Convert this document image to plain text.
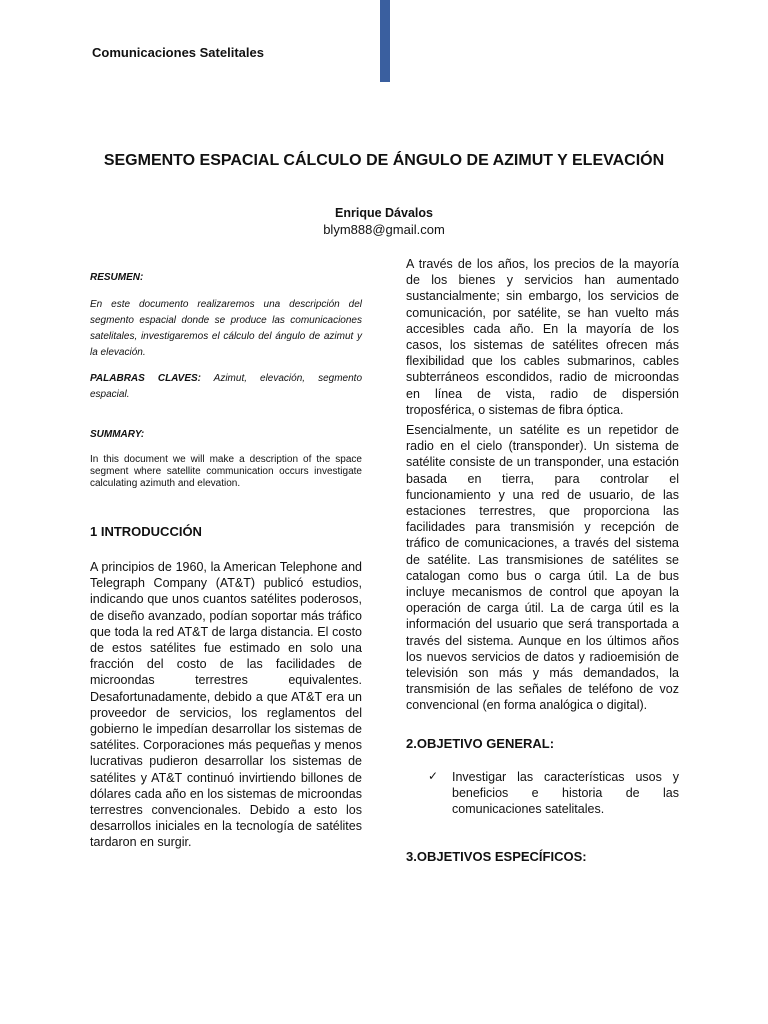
Comunicaciones Satelitales
SEGMENTO ESPACIAL CÁLCULO DE ÁNGULO DE AZIMUT Y ELEVACIÓN
Enrique Dávalos
blym888@gmail.com

RESUMEN:

En este documento realizaremos una descripción del segmento espacial donde se produce las comunicaciones satelitales, investigaremos el cálculo del ángulo de azimut y la elevación.

PALABRAS CLAVES: Azimut, elevación, segmento espacial.

SUMMARY:

In this document we will make a description of the space segment where satellite communication occurs investigate calculating azimuth and elevation.

1 INTRODUCCIÓN

A principios de 1960, la American Telephone and Telegraph Company (AT&T) publicó estudios, indicando que unos cuantos satélites poderosos, de diseño avanzado, podían soportar más tráfico que toda la red AT&T de larga distancia. El costo de estos satélites fue estimado en solo una fracción del costo de las facilidades de microondas terrestres equivalentes. Desafortunadamente, debido a que AT&T era un proveedor de servicios, los reglamentos del gobierno le impedían desarrollar los sistemas de satélites. Corporaciones más pequeñas y menos lucrativas pudieron desarrollar los sistemas de satélites y AT&T continuó invirtiendo billones de dólares cada año en los sistemas de microondas terrestres convencionales. Debido a esto los desarrollos iniciales en la tecnología de satélites tardaron en surgir.

A través de los años, los precios de la mayoría de los bienes y servicios han aumentado sustancialmente; sin embargo, los servicios de comunicación, por satélite, se han vuelto más accesibles cada año. En la mayoría de los casos, los sistemas de satélites ofrecen más flexibilidad que los cables submarinos, cables subterráneos escondidos, radio de microondas en línea de vista, radio de dispersión troposférica, o sistemas de fibra óptica.

Esencialmente, un satélite es un repetidor de radio en el cielo (transponder). Un sistema de satélite consiste de un transponder, una estación basada en tierra, para controlar el funcionamiento y una red de usuario, de las estaciones terrestres, que proporciona las facilidades para transmisión y recepción de tráfico de comunicaciones, a través del sistema de satélite. Las transmisiones de satélites se catalogan como bus o carga útil. La de bus incluye mecanismos de control que apoyan la operación de carga útil. La de carga útil es la información del usuario que será transportada a través del sistema. Aunque en los últimos años los nuevos servicios de datos y radioemisión de televisión son más y más demandados, la transmisión de las señales de teléfono de voz convencional (en forma analógica o digital).

2.OBJETIVO GENERAL:

✓ Investigar las características usos y beneficios e historia de las comunicaciones satelitales.

3.OBJETIVOS ESPECÍFICOS:
